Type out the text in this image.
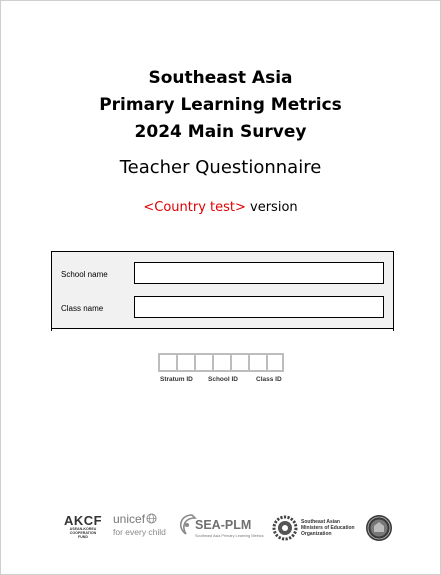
Southeast Asia
Primary Learning Metrics
2024 Main Survey
Teacher Questionnaire
<Country test> version
School name
Class name
Stratum ID School ID	Class ID
AKCF
ASEAN-KOREA
COOPERATION
FUND
unicef
for every child SEA-PLM
Southeast Asia Primary Learning Metrics
Southeast Asian
Ministers of Education
Organization
